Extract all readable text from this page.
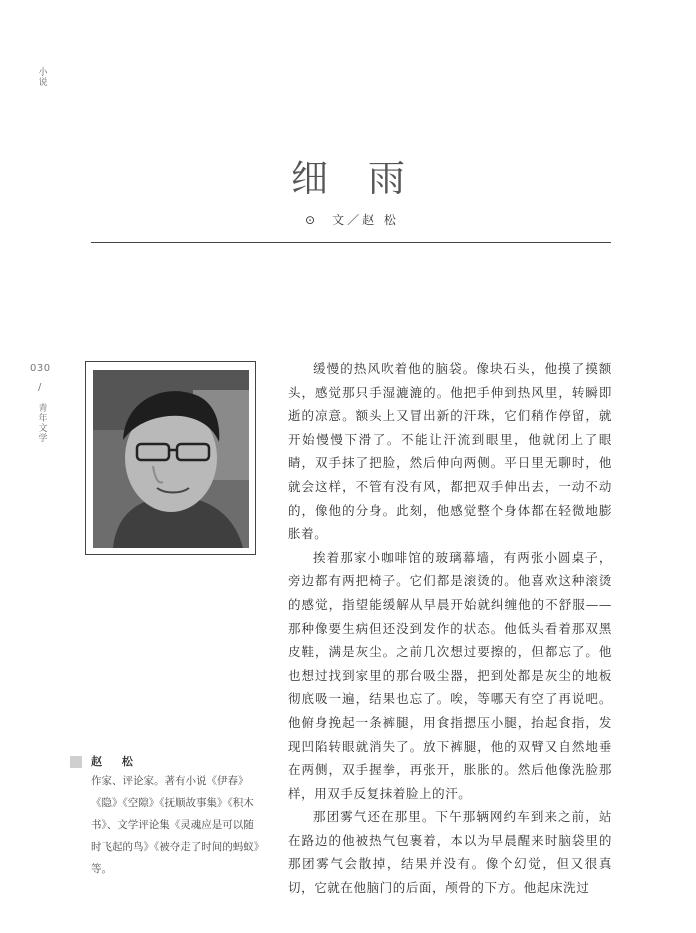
小说
030
/
青年文学
细雨
⊙ 文／赵 松
赵 松

作家、评论家。著有小说《伊春》《隐》《空隙》《抚顺故事集》《积木书》、文学评论集《灵魂应是可以随时飞起的鸟》《被夺走了时间的蚂蚁》等。

缓慢的热风吹着他的脑袋。像块石头，他摸了摸额头，感觉那只手湿漉漉的。他把手伸到热风里，转瞬即逝的凉意。额头上又冒出新的汗珠，它们稍作停留，就开始慢慢下滑了。不能让汗流到眼里，他就闭上了眼睛，双手抹了把脸，然后伸向两侧。平日里无聊时，他就会这样，不管有没有风，都把双手伸出去，一动不动的，像他的分身。此刻，他感觉整个身体都在轻微地膨胀着。

挨着那家小咖啡馆的玻璃幕墙，有两张小圆桌子，旁边都有两把椅子。它们都是滚烫的。他喜欢这种滚烫的感觉，指望能缓解从早晨开始就纠缠他的不舒服——那种像要生病但还没到发作的状态。他低头看着那双黑皮鞋，满是灰尘。之前几次想过要擦的，但都忘了。他也想过找到家里的那台吸尘器，把到处都是灰尘的地板彻底吸一遍，结果也忘了。唉，等哪天有空了再说吧。他俯身挽起一条裤腿，用食指摁压小腿，抬起食指，发现凹陷转眼就消失了。放下裤腿，他的双臂又自然地垂在两侧，双手握拳，再张开，胀胀的。然后他像洗脸那样，用双手反复抹着脸上的汗。

那团雾气还在那里。下午那辆网约车到来之前，站在路边的他被热气包裹着，本以为早晨醒来时脑袋里的那团雾气会散掉，结果并没有。像个幻觉，但又很真切，它就在他脑门的后面，颅骨的下方。他起床洗过
